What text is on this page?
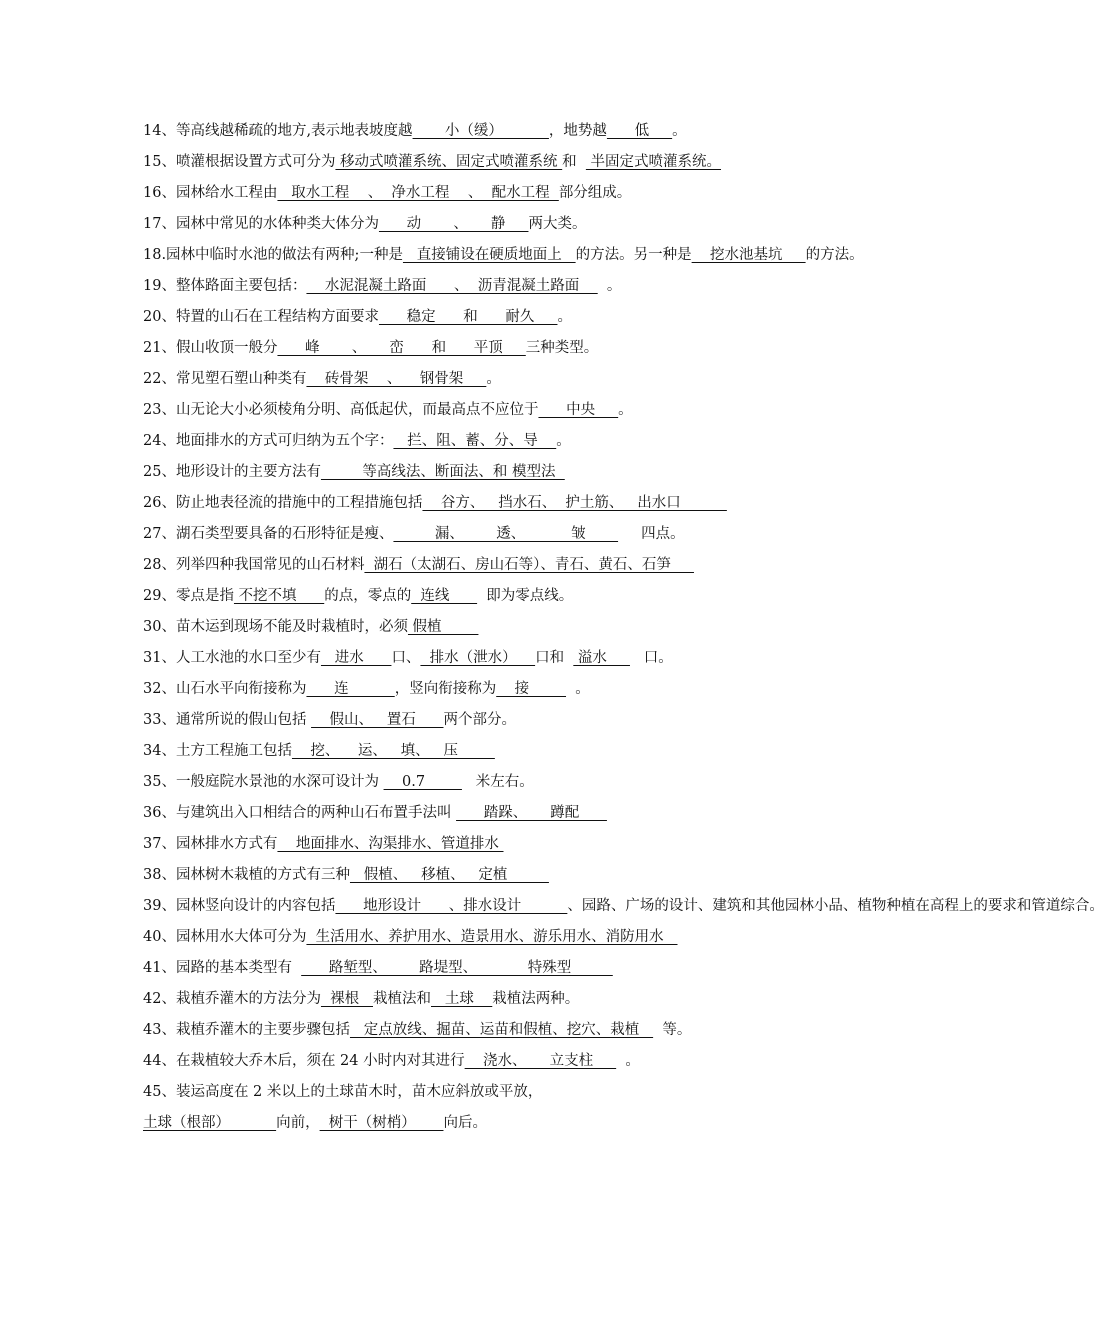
14、等高线越稀疏的地方,表示地表坡度越       小（缓）          ，地势越      低     。
15、喷灌根据设置方式可分为 移动式喷灌系统、固定式喷灌系统 和   半固定式喷灌系统。
16、园林给水工程由   取水工程    、  净水工程    、  配水工程  部分组成。
17、园林中常见的水体种类大体分为      动       、     静     两大类。
18.园林中临时水池的做法有两种;一种是   直接铺设在硬质地面上   的方法。另一种是    挖水池基坑     的方法。
19、整体路面主要包括：    水泥混凝土路面      、  沥青混凝土路面      。
20、特置的山石在工程结构方面要求      稳定      和      耐久     。
21、假山收顶一般分      峰       、     峦      和      平顶     三种类型。
22、常见塑石塑山种类有    砖骨架    、    钢骨架     。
23、山无论大小必须棱角分明、高低起伏，而最高点不应位于      中央     。
24、地面排水的方式可归纳为五个字：   拦、阻、蓄、分、导    。
25、地形设计的主要方法有         等高线法、断面法、和 模型法
26、防止地表径流的措施中的工程措施包括    谷方、   挡水石、  护土筋、   出水口
27、湖石类型要具备的石形特征是瘦、         漏、       透、          皱            四点。
28、列举四种我国常见的山石材料  湖石（太湖石、房山石等）、青石、黄石、石笋
29、零点是指 不挖不填      的点，零点的  连线        即为零点线。
30、苗木运到现场不能及时栽植时，必须 假植
31、人工水池的水口至少有   进水      口、  排水（泄水）    口和   溢水        口。
32、山石水平向衔接称为      连          ，竖向衔接称为    接          。
33、通常所说的假山包括     假山、   置石      两个部分。
34、土方工程施工包括    挖、    运、   填、   压
35、一般庭院水景池的水深可设计为     0.7           米左右。
36、与建筑出入口相结合的两种山石布置手法叫       踏跺、     蹲配
37、园林排水方式有    地面排水、沟渠排水、管道排水
38、园林树木栽植的方式有三种   假植、   移植、   定植
39、园林竖向设计的内容包括      地形设计      、排水设计          、园路、广场的设计、建筑和其他园林小品、植物种植在高程上的要求和管道综合。
40、园林用水大体可分为  生活用水、养护用水、造景用水、游乐用水、消防用水
41、园路的基本类型有        路堑型、       路堤型、           特殊型
42、栽植乔灌木的方法分为  裸根   栽植法和   土球    栽植法两种。
43、栽植乔灌木的主要步骤包括   定点放线、掘苗、运苗和假植、挖穴、栽植     等。
44、在栽植较大乔木后，须在 24 小时内对其进行    浇水、     立支柱       。
45、装运高度在 2 米以上的土球苗木时，苗木应斜放或平放，土球（根部）          向前，  树干（树梢）      向后。
